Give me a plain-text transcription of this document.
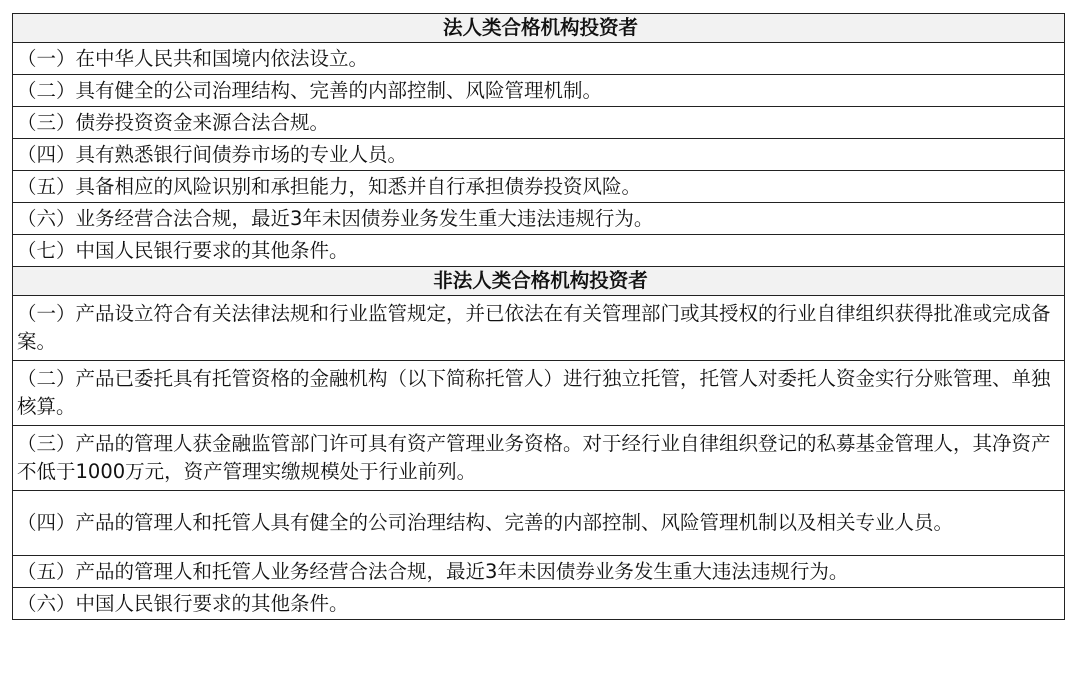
法人类合格机构投资者
（一）在中华人民共和国境内依法设立。
（二）具有健全的公司治理结构、完善的内部控制、风险管理机制。
（三）债券投资资金来源合法合规。
（四）具有熟悉银行间债券市场的专业人员。
（五）具备相应的风险识别和承担能力，知悉并自行承担债券投资风险。
（六）业务经营合法合规，最近3年未因债券业务发生重大违法违规行为。
（七）中国人民银行要求的其他条件。
非法人类合格机构投资者
（一）产品设立符合有关法律法规和行业监管规定，并已依法在有关管理部门或其授权的行业自律组织获得批准或完成备案。
（二）产品已委托具有托管资格的金融机构（以下简称托管人）进行独立托管，托管人对委托人资金实行分账管理、单独核算。
（三）产品的管理人获金融监管部门许可具有资产管理业务资格。对于经行业自律组织登记的私募基金管理人，其净资产不低于1000万元，资产管理实缴规模处于行业前列。
（四）产品的管理人和托管人具有健全的公司治理结构、完善的内部控制、风险管理机制以及相关专业人员。
（五）产品的管理人和托管人业务经营合法合规，最近3年未因债券业务发生重大违法违规行为。
（六）中国人民银行要求的其他条件。
